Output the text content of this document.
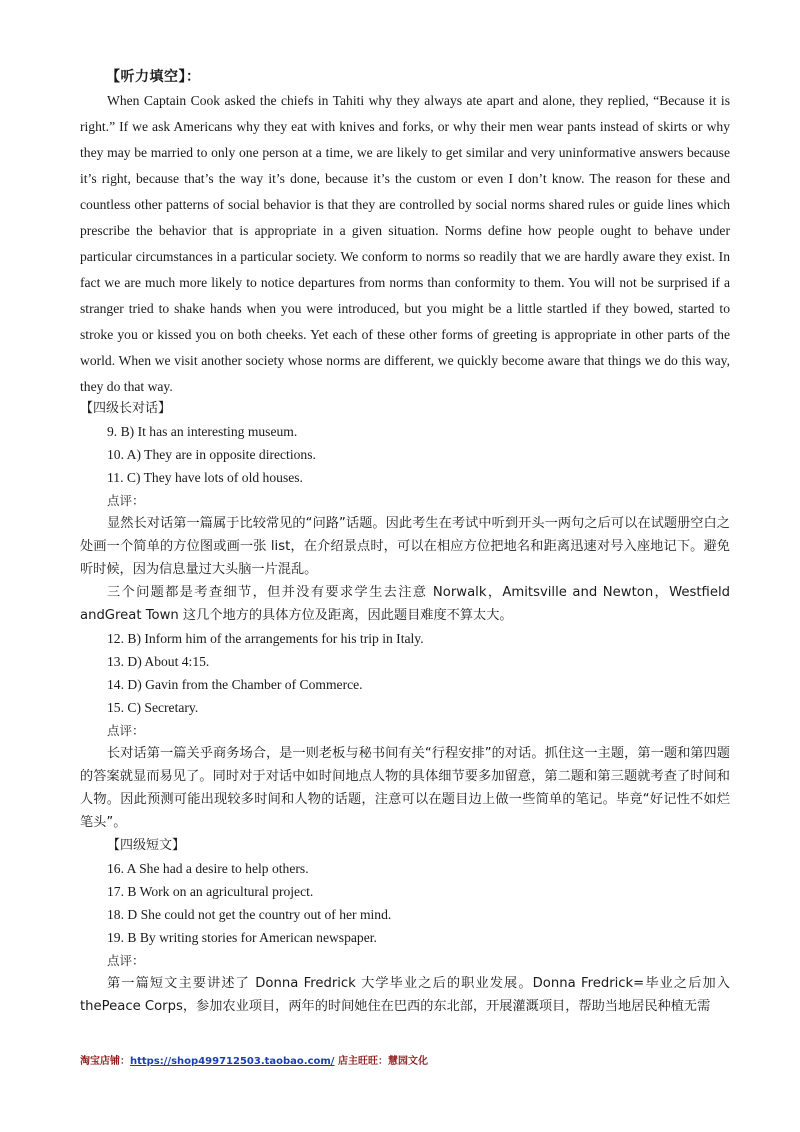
【听力填空】：

When Captain Cook asked the chiefs in Tahiti why they always ate apart and alone, they replied, “Because it is right.” If we ask Americans why they eat with knives and forks, or why their men wear pants instead of skirts or why they may be married to only one person at a time, we are likely to get similar and very uninformative answers because it’s right, because that’s the way it’s done, because it’s the custom or even I don’t know. The reason for these and countless other patterns of social behavior is that they are controlled by social norms shared rules or guide lines which prescribe the behavior that is appropriate in a given situation. Norms define how people ought to behave under particular circumstances in a particular society. We conform to norms so readily that we are hardly aware they exist. In fact we are much more likely to notice departures from norms than conformity to them. You will not be surprised if a stranger tried to shake hands when you were introduced, but you might be a little startled if they bowed, started to stroke you or kissed you on both cheeks. Yet each of these other forms of greeting is appropriate in other parts of the world. When we visit another society whose norms are different, we quickly become aware that things we do this way, they do that way.

【四级长对话】
9. B) It has an interesting museum.
10. A) They are in opposite directions.
11. C) They have lots of old houses.
点评：

显然长对话第一篇属于比较常见的“问路”话题。因此考生在考试中听到开头一两句之后可以在试题册空白之处画一个简单的方位图或画一张 list，在介绍景点时，可以在相应方位把地名和距离迅速对号入座地记下。避免听时候，因为信息量过大头脑一片混乱。

三个问题都是考查细节，但并没有要求学生去注意 Norwalk，Amitsville and Newton，Westfield andGreat Town 这几个地方的具体方位及距离，因此题目难度不算太大。

12. B) Inform him of the arrangements for his trip in Italy.
13. D) About 4:15.
14. D) Gavin from the Chamber of Commerce.
15. C) Secretary.
点评：

长对话第一篇关乎商务场合，是一则老板与秘书间有关“行程安排”的对话。抓住这一主题，第一题和第四题的答案就显而易见了。同时对于对话中如时间地点人物的具体细节要多加留意，第二题和第三题就考查了时间和人物。因此预测可能出现较多时间和人物的话题，注意可以在题目边上做一些简单的笔记。毕竟“好记性不如烂笔头”。

【四级短文】
16. A She had a desire to help others.
17. B Work on an agricultural project.
18. D She could not get the country out of her mind.
19. B By writing stories for American newspaper.
点评：

第一篇短文主要讲述了 Donna Fredrick 大学毕业之后的职业发展。Donna Fredrick=毕业之后加入thePeace Corps，参加农业项目，两年的时间她住在巴西的东北部，开展灌溉项目，帮助当地居民种植无需

淘宝店铺：https://shop499712503.taobao.com/ 店主旺旺：慧园文化
